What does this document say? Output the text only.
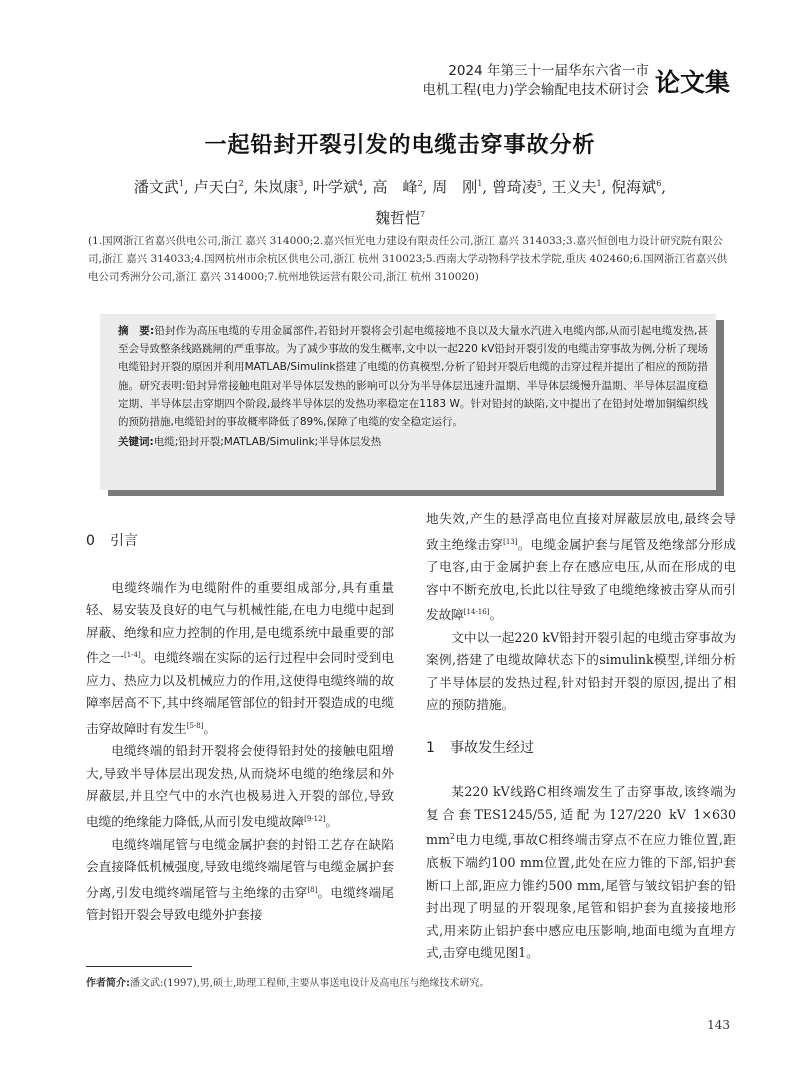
2024 年第三十一届华东六省一市
电机工程(电力)学会输配电技术研讨会 论文集
一起铅封开裂引发的电缆击穿事故分析
潘文武$^1$, 卢天白$^2$, 朱岚康$^3$, 叶学斌$^4$, 高　峰$^2$, 周　刚$^1$, 曾琦凌$^5$, 王义夫$^1$, 倪海斌$^6$,
魏哲恺$^7$
(1.国网浙江省嘉兴供电公司,浙江 嘉兴 314000;2.嘉兴恒光电力建设有限责任公司,浙江 嘉兴 314033;3.嘉兴恒创电力设计研究院有限公司,浙江 嘉兴 314033;4.国网杭州市余杭区供电公司,浙江 杭州 310023;5.西南大学动物科学技术学院,重庆 402460;6.国网浙江省嘉兴供电公司秀洲分公司,浙江 嘉兴 314000;7.杭州地铁运营有限公司,浙江 杭州 310020)
摘　要:铅封作为高压电缆的专用金属部件,若铅封开裂将会引起电缆接地不良以及大量水汽进入电缆内部,从而引起电缆发热,甚至会导致整条线路跳闸的严重事故。为了减少事故的发生概率,文中以一起220 kV铅封开裂引发的电缆击穿事故为例,分析了现场电缆铅封开裂的原因并利用MATLAB/Simulink搭建了电缆的仿真模型,分析了铅封开裂后电缆的击穿过程并提出了相应的预防措施。研究表明:铅封异常接触电阻对半导体层发热的影响可以分为半导体层迅速升温期、半导体层缓慢升温期、半导体层温度稳定期、半导体层击穿期四个阶段,最终半导体层的发热功率稳定在1183 W。针对铅封的缺陷,文中提出了在铅封处增加铜编织线的预防措施,电缆铅封的事故概率降低了89%,保障了电缆的安全稳定运行。
关键词:电缆;铅封开裂;MATLAB/Simulink;半导体层发热

0 引言

电缆终端作为电缆附件的重要组成部分,具有重量轻、易安装及良好的电气与机械性能,在电力电缆中起到屏蔽、绝缘和应力控制的作用,是电缆系统中最重要的部件之一[1-4]。电缆终端在实际的运行过程中会同时受到电应力、热应力以及机械应力的作用,这使得电缆终端的故障率居高不下,其中终端尾管部位的铅封开裂造成的电缆击穿故障时有发生[5-8]。

电缆终端的铅封开裂将会使得铅封处的接触电阻增大,导致半导体层出现发热,从而烧坏电缆的绝缘层和外屏蔽层,并且空气中的水汽也极易进入开裂的部位,导致电缆的绝缘能力降低,从而引发电缆故障[9-12]。

电缆终端尾管与电缆金属护套的封铅工艺存在缺陷会直接降低机械强度,导致电缆终端尾管与电缆金属护套分离,引发电缆终端尾管与主绝缘的击穿[8]。电缆终端尾管封铅开裂会导致电缆外护套接

地失效,产生的悬浮高电位直接对屏蔽层放电,最终会导致主绝缘击穿[13]。电缆金属护套与尾管及绝缘部分形成了电容,由于金属护套上存在感应电压,从而在形成的电容中不断充放电,长此以往导致了电缆绝缘被击穿从而引发故障[14-16]。

文中以一起220 kV铅封开裂引起的电缆击穿事故为案例,搭建了电缆故障状态下的simulink模型,详细分析了半导体层的发热过程,针对铅封开裂的原因,提出了相应的预防措施。

1 事故发生经过

某220 kV线路C相终端发生了击穿事故,该终端为复合套TES1245/55,适配为127/220 kV 1×630 $mm^2$电力电缆,事故C相终端击穿点不在应力锥位置,距底板下端约100 mm位置,此处在应力锥的下部,铝护套断口上部,距应力锥约500 mm,尾管与皱纹铝护套的铅封出现了明显的开裂现象,尾管和铝护套为直接接地形式,用来防止铝护套中感应电压影响,地面电缆为直埋方式,击穿电缆见图1。

作者简介:潘文武:(1997),男,硕士,助理工程师,主要从事送电设计及高电压与绝缘技术研究。
143
